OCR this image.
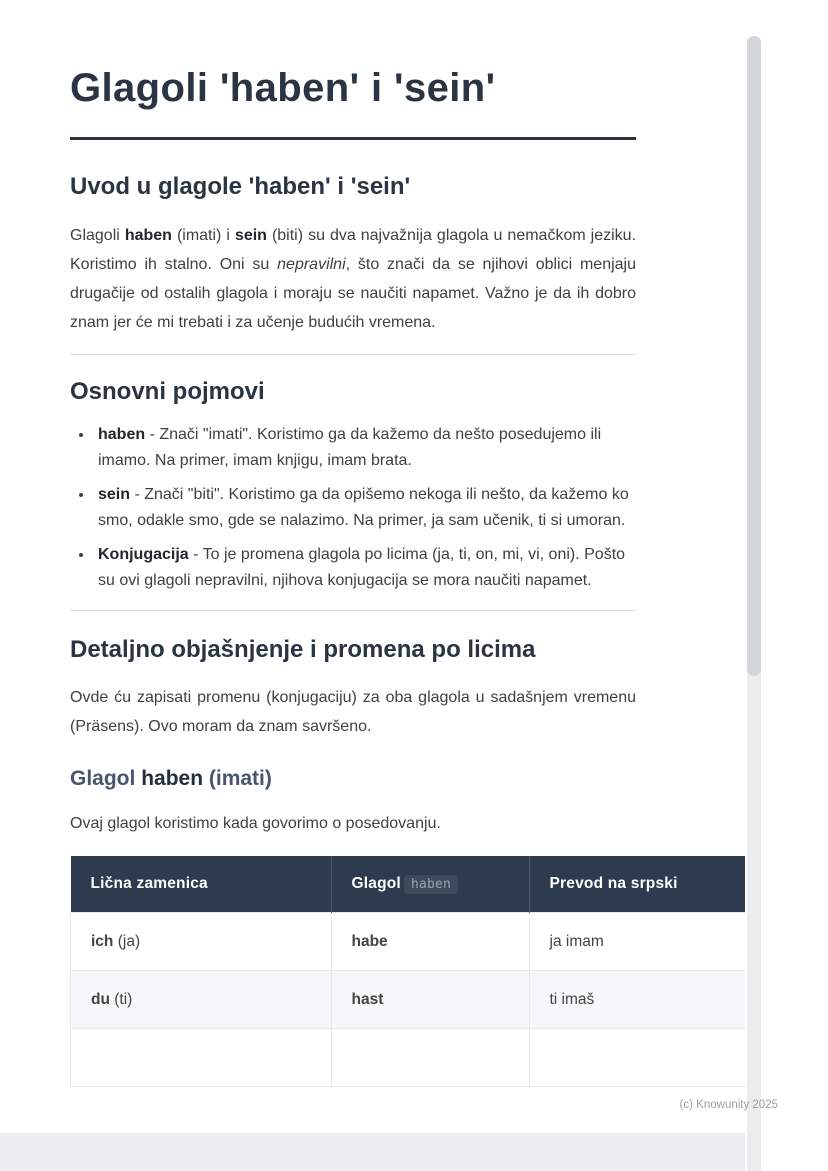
Glagoli 'haben' i 'sein'
Uvod u glagole 'haben' i 'sein'

Glagoli haben (imati) i sein (biti) su dva najvažnija glagola u nemačkom jeziku. Koristimo ih stalno. Oni su nepravilni, što znači da se njihovi oblici menjaju drugačije od ostalih glagola i moraju se naučiti napamet. Važno je da ih dobro znam jer će mi trebati i za učenje budućih vremena.

Osnovni pojmovi
• haben - Znači "imati". Koristimo ga da kažemo da nešto posedujemo ili imamo. Na primer, imam knjigu, imam brata.
• sein - Znači "biti". Koristimo ga da opišemo nekoga ili nešto, da kažemo ko smo, odakle smo, gde se nalazimo. Na primer, ja sam učenik, ti si umoran.
• Konjugacija - To je promena glagola po licima (ja, ti, on, mi, vi, oni). Pošto su ovi glagoli nepravilni, njihova konjugacija se mora naučiti napamet.
Detaljno objašnjenje i promena po licima

Ovde ću zapisati promenu (konjugaciju) za oba glagola u sadašnjem vremenu (Präsens). Ovo moram da znam savršeno.

Glagol haben (imati)

Ovaj glagol koristimo kada govorimo o posedovanju.

Lična zamenica	Glagol haben	Prevod na srpski
ich (ja)	habe	ja imam
du (ti)	hast	ti imaš

(c) Knowunity 2025
